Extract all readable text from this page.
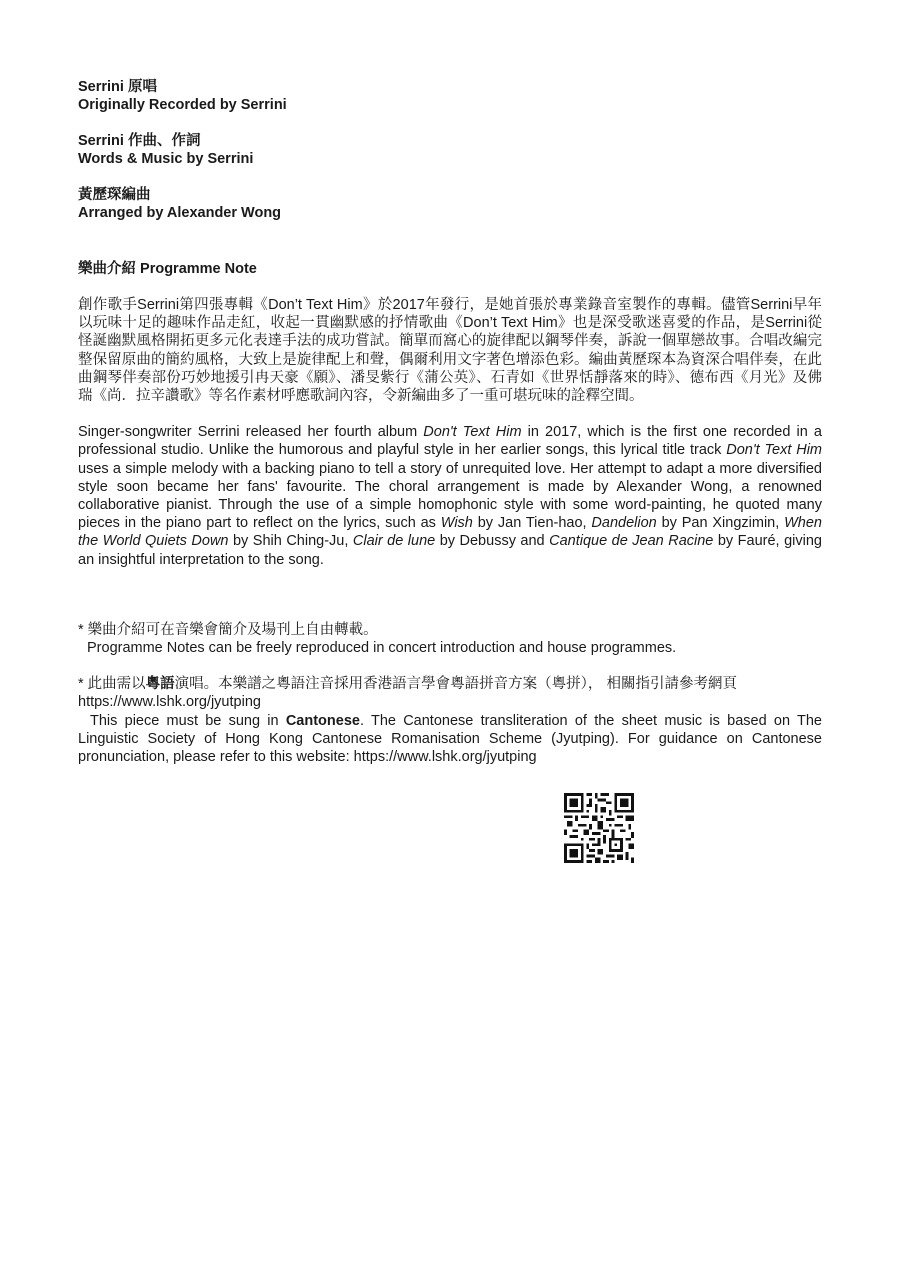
Serrini 原唱
Originally Recorded by Serrini
Serrini 作曲、作詞
Words & Music by Serrini
黃歷琛編曲
Arranged by Alexander Wong
樂曲介紹 Programme Note

創作歌手Serrini第四張專輯《Don’t Text Him》於2017年發行，是她首張於專業錄音室製作的專輯。儘管Serrini早年以玩味十足的趣味作品走紅，收起一貫幽默感的抒情歌曲《Don’t Text Him》也是深受歌迷喜愛的作品，是Serrini從怪誕幽默風格開拓更多元化表達手法的成功嘗試。簡單而窩心的旋律配以鋼琴伴奏，訴說一個單戀故事。合唱改編完整保留原曲的簡約風格，大致上是旋律配上和聲，偶爾利用文字著色增添色彩。編曲黃歷琛本為資深合唱伴奏，在此曲鋼琴伴奏部份巧妙地援引冉天豪《願》、潘旻紫行《蒲公英》、石青如《世界恬靜落來的時》、德布西《月光》及佛瑞《尚．拉辛讚歌》等名作素材呼應歌詞內容，令新編曲多了一重可堪玩味的詮釋空間。

Singer-songwriter Serrini released her fourth album Don't Text Him in 2017, which is the first one recorded in a professional studio. Unlike the humorous and playful style in her earlier songs, this lyrical title track Don't Text Him uses a simple melody with a backing piano to tell a story of unrequited love. Her attempt to adapt a more diversified style soon became her fans' favourite. The choral arrangement is made by Alexander Wong, a renowned collaborative pianist. Through the use of a simple homophonic style with some word-painting, he quoted many pieces in the piano part to reflect on the lyrics, such as Wish by Jan Tien-hao, Dandelion by Pan Xingzimin, When the World Quiets Down by Shih Ching-Ju, Clair de lune by Debussy and Cantique de Jean Racine by Fauré, giving an insightful interpretation to the song.

* 樂曲介紹可在音樂會簡介及場刊上自由轉載。
Programme Notes can be freely reproduced in concert introduction and house programmes.
* 此曲需以粵語演唱。本樂譜之粵語注音採用香港語言學會粵語拼音方案（粵拼）， 相關指引請參考網頁 https://www.lshk.org/jyutping
This piece must be sung in Cantonese. The Cantonese transliteration of the sheet music is based on The Linguistic Society of Hong Kong Cantonese Romanisation Scheme (Jyutping). For guidance on Cantonese pronunciation, please refer to this website: https://www.lshk.org/jyutping
